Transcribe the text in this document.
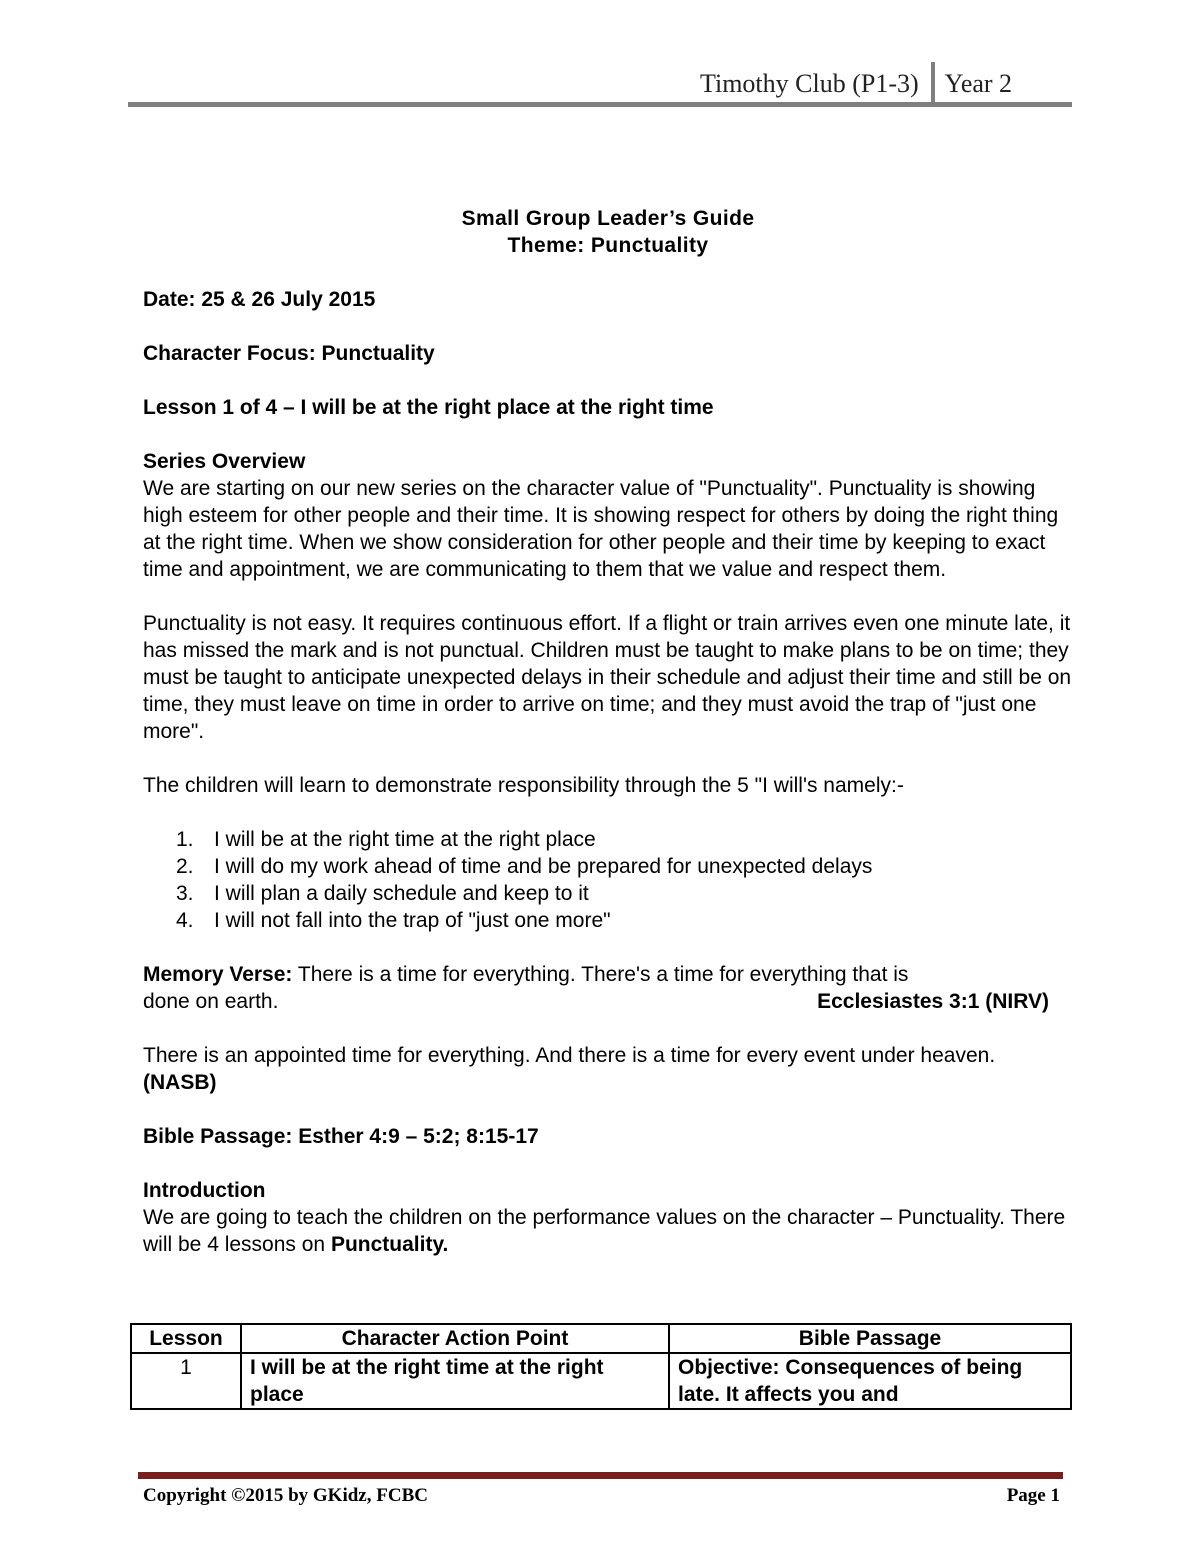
Timothy Club (P1-3) Year 2
Small Group Leader’s Guide
Theme: Punctuality

Date: 25 & 26 July 2015

Character Focus: Punctuality

Lesson 1 of 4 – I will be at the right place at the right time

Series Overview

We are starting on our new series on the character value of "Punctuality". Punctuality is showing high esteem for other people and their time. It is showing respect for others by doing the right thing at the right time. When we show consideration for other people and their time by keeping to exact time and appointment, we are communicating to them that we value and respect them.

Punctuality is not easy. It requires continuous effort. If a flight or train arrives even one minute late, it has missed the mark and is not punctual. Children must be taught to make plans to be on time; they must be taught to anticipate unexpected delays in their schedule and adjust their time and still be on time, they must leave on time in order to arrive on time; and they must avoid the trap of "just one more".

The children will learn to demonstrate responsibility through the 5 "I will's namely:-

1. I will be at the right time at the right place
2. I will do my work ahead of time and be prepared for unexpected delays
3. I will plan a daily schedule and keep to it
4. I will not fall into the trap of "just one more"

Memory Verse: There is a time for everything. There's a time for everything that is

done on earth.	Ecclesiastes 3:1 (NIRV)

There is an appointed time for everything. And there is a time for every event under heaven. (NASB)

Bible Passage: Esther 4:9 – 5:2; 8:15-17

Introduction

We are going to teach the children on the performance values on the character – Punctuality. There will be 4 lessons on Punctuality.

Lesson	Character Action Point	Bible Passage
1	I will be at the right time at the right place	Objective: Consequences of being late. It affects you and
Copyright ©2015 by GKidz, FCBC	Page 1
